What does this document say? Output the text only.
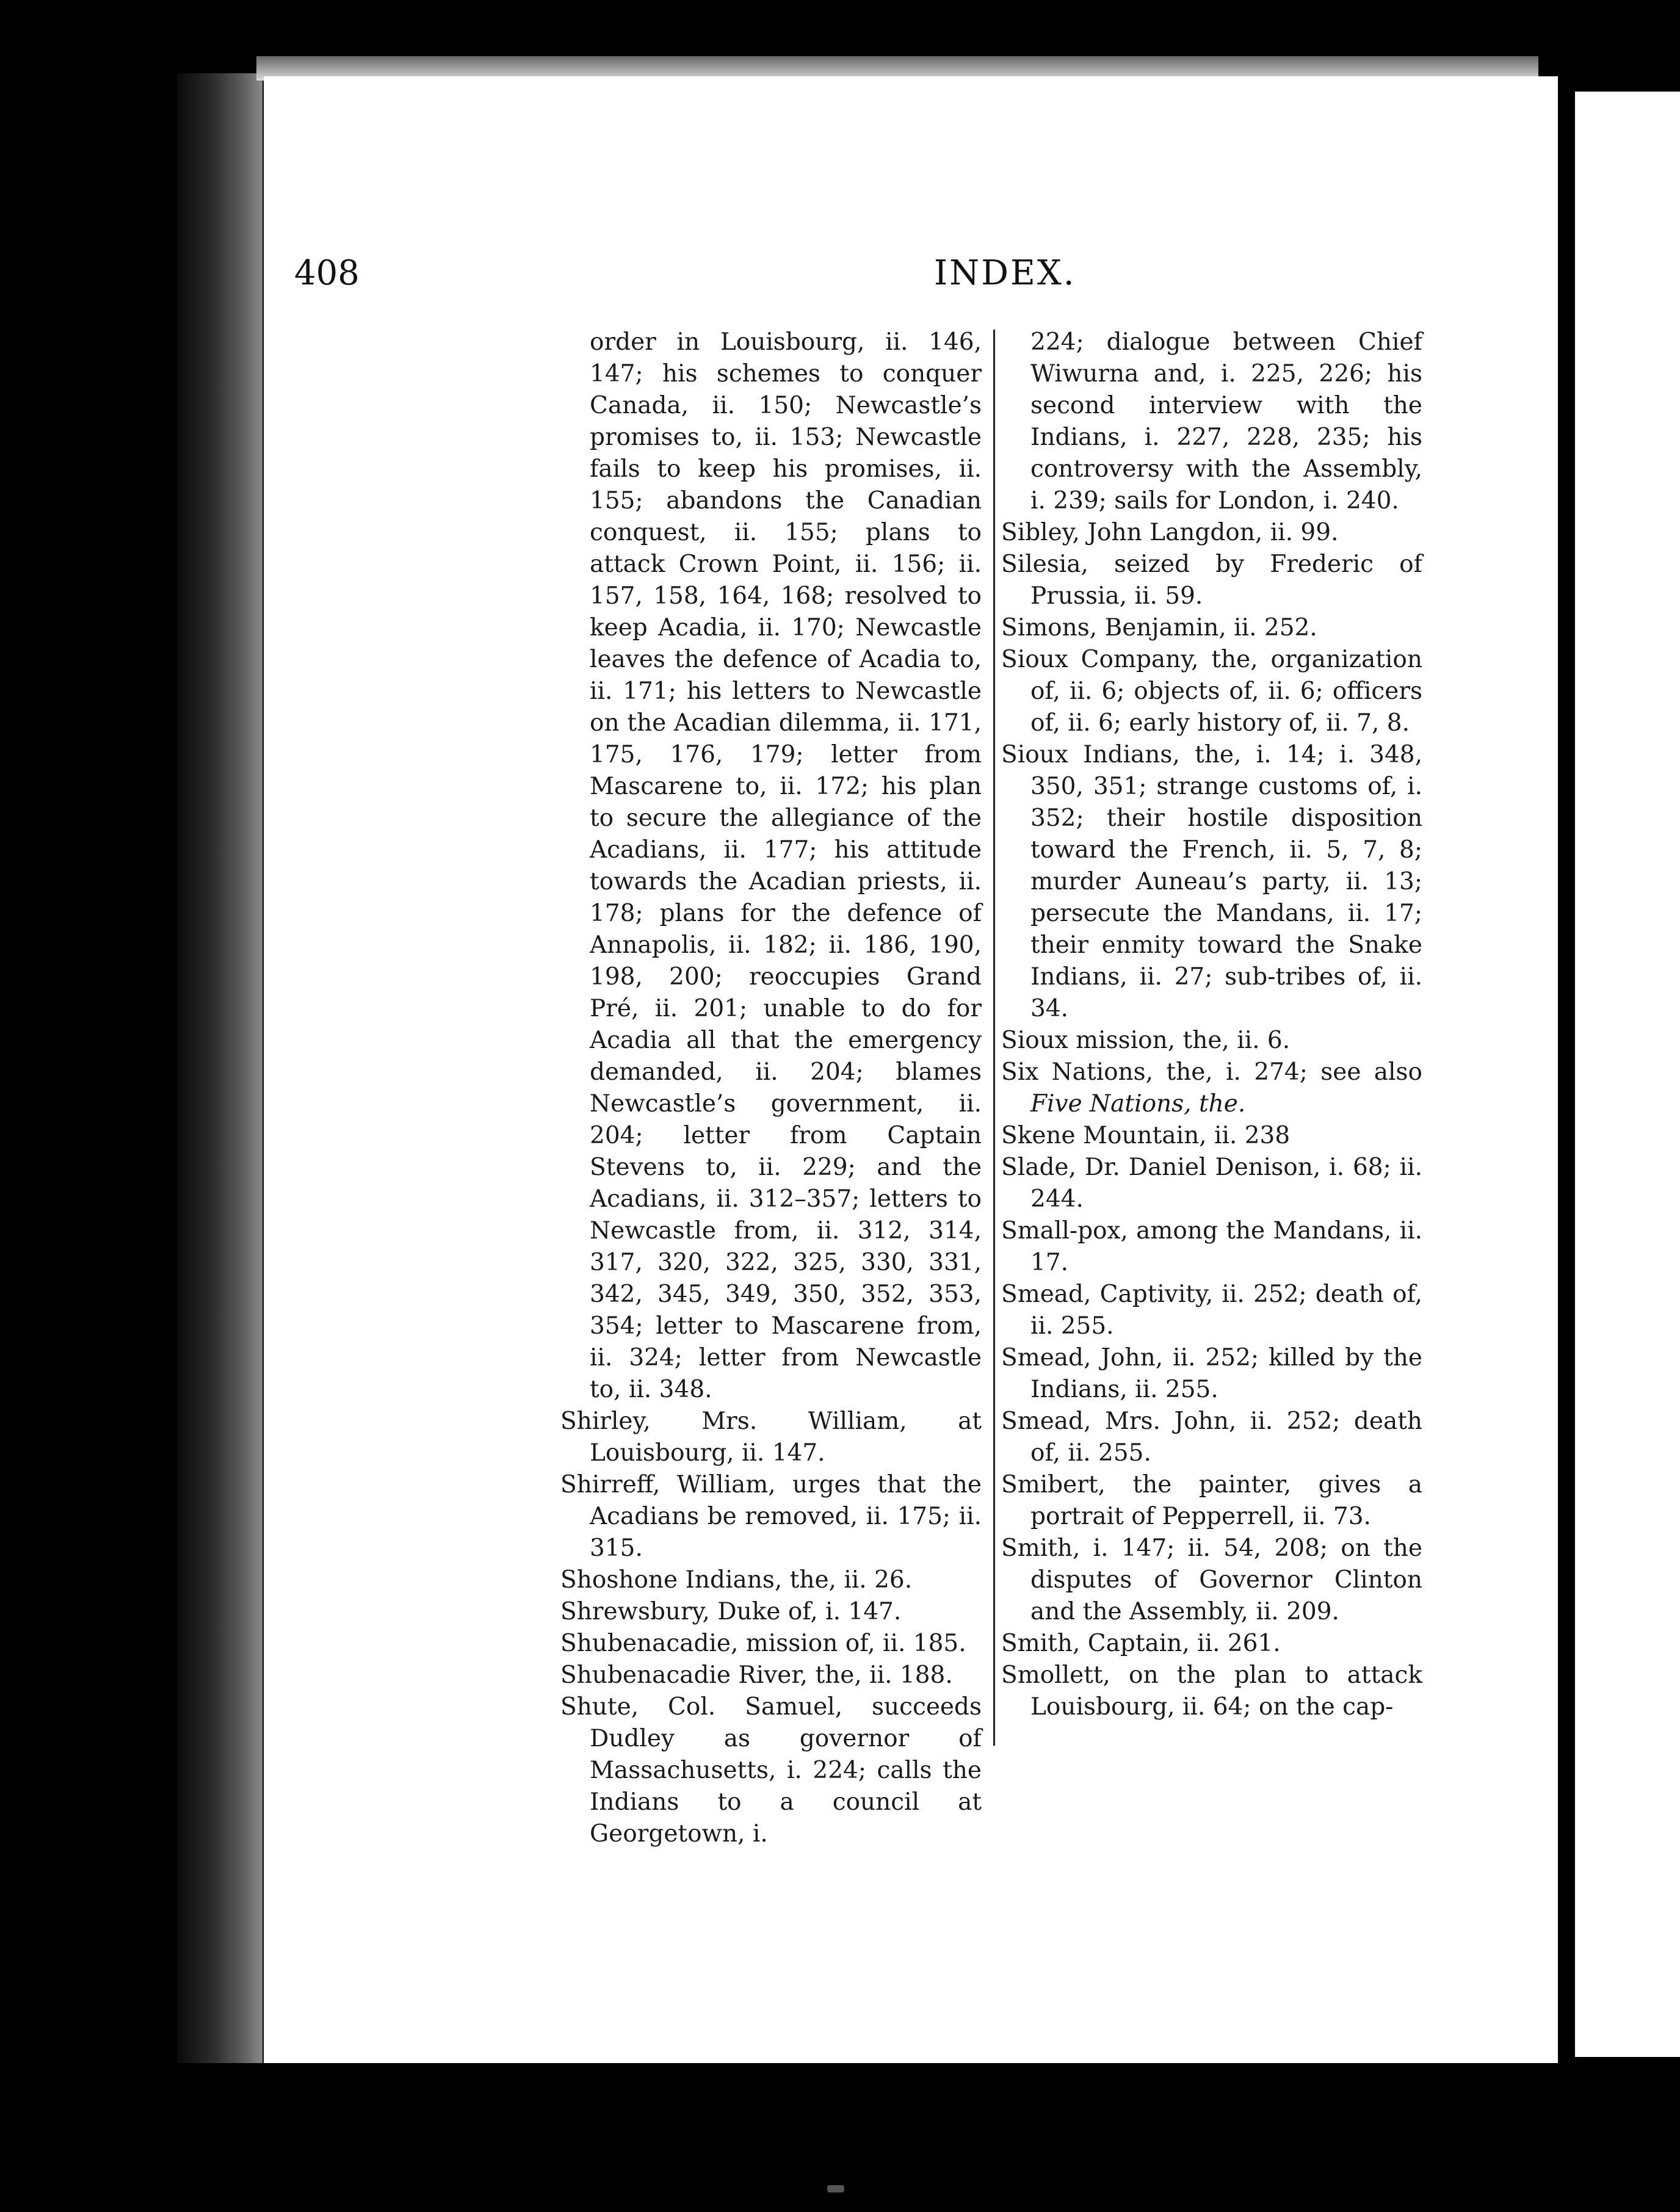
408	INDEX.

order in Louisbourg, ii. 146, 147; his schemes to conquer Canada, ii. 150; Newcastle’s promises to, ii. 153; Newcastle fails to keep his promises, ii. 155; abandons the Canadian conquest, ii. 155; plans to attack Crown Point, ii. 156; ii. 157, 158, 164, 168; resolved to keep Acadia, ii. 170; Newcastle leaves the defence of Acadia to, ii. 171; his letters to Newcastle on the Acadian dilemma, ii. 171, 175, 176, 179; letter from Mascarene to, ii. 172; his plan to secure the allegiance of the Acadians, ii. 177; his attitude towards the Acadian priests, ii. 178; plans for the defence of Annapolis, ii. 182; ii. 186, 190, 198, 200; reoccupies Grand Pré, ii. 201; unable to do for Acadia all that the emergency demanded, ii. 204; blames Newcastle’s government, ii. 204; letter from Captain Stevens to, ii. 229; and the Acadians, ii. 312–357; letters to Newcastle from, ii. 312, 314, 317, 320, 322, 325, 330, 331, 342, 345, 349, 350, 352, 353, 354; letter to Mascarene from, ii. 324; letter from Newcastle to, ii. 348.

Shirley, Mrs. William, at Louisbourg, ii. 147.

Shirreff, William, urges that the Acadians be removed, ii. 175; ii. 315.

Shoshone Indians, the, ii. 26.

Shrewsbury, Duke of, i. 147.

Shubenacadie, mission of, ii. 185.

Shubenacadie River, the, ii. 188.

Shute, Col. Samuel, succeeds Dudley as governor of Massachusetts, i. 224; calls the Indians to a council at Georgetown, i.

224; dialogue between Chief Wiwurna and, i. 225, 226; his second interview with the Indians, i. 227, 228, 235; his controversy with the Assembly, i. 239; sails for London, i. 240.

Sibley, John Langdon, ii. 99.

Silesia, seized by Frederic of Prussia, ii. 59.

Simons, Benjamin, ii. 252.

Sioux Company, the, organization of, ii. 6; objects of, ii. 6; officers of, ii. 6; early history of, ii. 7, 8.

Sioux Indians, the, i. 14; i. 348, 350, 351; strange customs of, i. 352; their hostile disposition toward the French, ii. 5, 7, 8; murder Auneau’s party, ii. 13; persecute the Mandans, ii. 17; their enmity toward the Snake Indians, ii. 27; sub-tribes of, ii. 34.

Sioux mission, the, ii. 6.

Six Nations, the, i. 274; see also Five Nations, the.

Skene Mountain, ii. 238

Slade, Dr. Daniel Denison, i. 68; ii. 244.

Small-pox, among the Mandans, ii. 17.

Smead, Captivity, ii. 252; death of, ii. 255.

Smead, John, ii. 252; killed by the Indians, ii. 255.

Smead, Mrs. John, ii. 252; death of, ii. 255.

Smibert, the painter, gives a portrait of Pepperrell, ii. 73.

Smith, i. 147; ii. 54, 208; on the disputes of Governor Clinton and the Assembly, ii. 209.

Smith, Captain, ii. 261.

Smollett, on the plan to attack Louisbourg, ii. 64; on the cap-
